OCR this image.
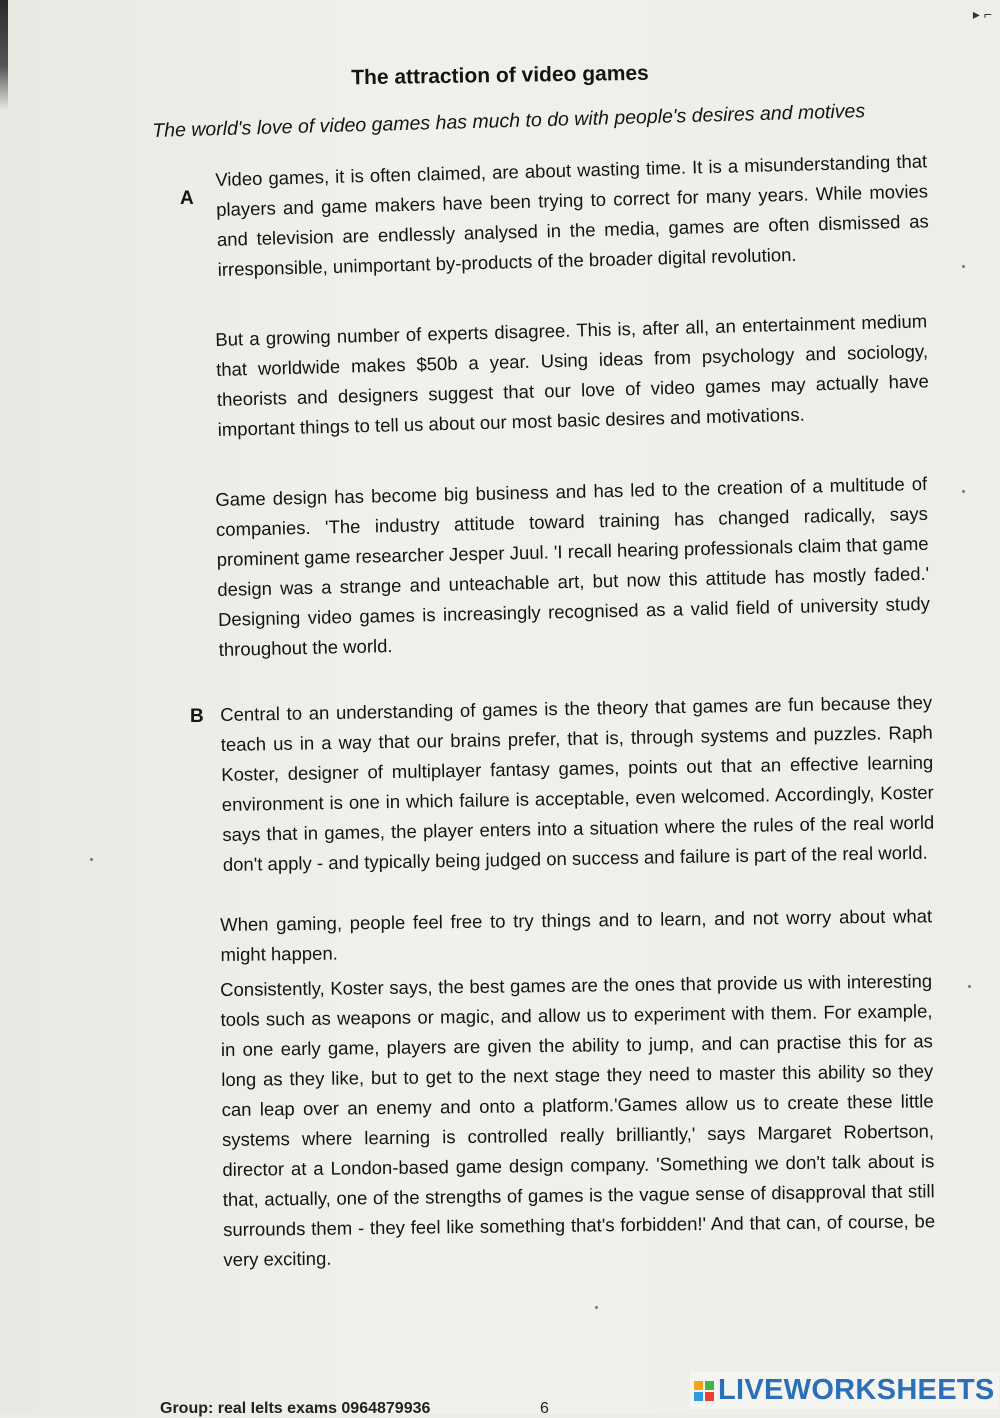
▸ ⌐
The attraction of video games
The world's love of video games has much to do with people's desires and motives
A
Video games, it is often claimed, are about wasting time. It is a misunderstanding that players and game makers have been trying to correct for many years. While movies and television are endlessly analysed in the media, games are often dismissed as irresponsible, unimportant by-products of the broader digital revolution.
But a growing number of experts disagree. This is, after all, an entertainment medium that worldwide makes $50b a year. Using ideas from psychology and sociology, theorists and designers suggest that our love of video games may actually have important things to tell us about our most basic desires and motivations.
Game design has become big business and has led to the creation of a multitude of companies. 'The industry attitude toward training has changed radically, says prominent game researcher Jesper Juul. 'I recall hearing professionals claim that game design was a strange and unteachable art, but now this attitude has mostly faded.' Designing video games is increasingly recognised as a valid field of university study throughout the world.
B Central to an understanding of games is the theory that games are fun because they teach us in a way that our brains prefer, that is, through systems and puzzles. Raph Koster, designer of multiplayer fantasy games, points out that an effective learning environment is one in which failure is acceptable, even welcomed. Accordingly, Koster says that in games, the player enters into a situation where the rules of the real world don't apply - and typically being judged on success and failure is part of the real world.
When gaming, people feel free to try things and to learn, and not worry about what might happen.
Consistently, Koster says, the best games are the ones that provide us with interesting tools such as weapons or magic, and allow us to experiment with them. For example, in one early game, players are given the ability to jump, and can practise this for as long as they like, but to get to the next stage they need to master this ability so they can leap over an enemy and onto a platform.'Games allow us to create these little systems where learning is controlled really brilliantly,' says Margaret Robertson, director at a London-based game design company. 'Something we don't talk about is that, actually, one of the strengths of games is the vague sense of disapproval that still surrounds them - they feel like something that's forbidden!' And that can, of course, be very exciting.
Group: real Ielts exams 0964879936	6
LIVEWORKSHEETS
